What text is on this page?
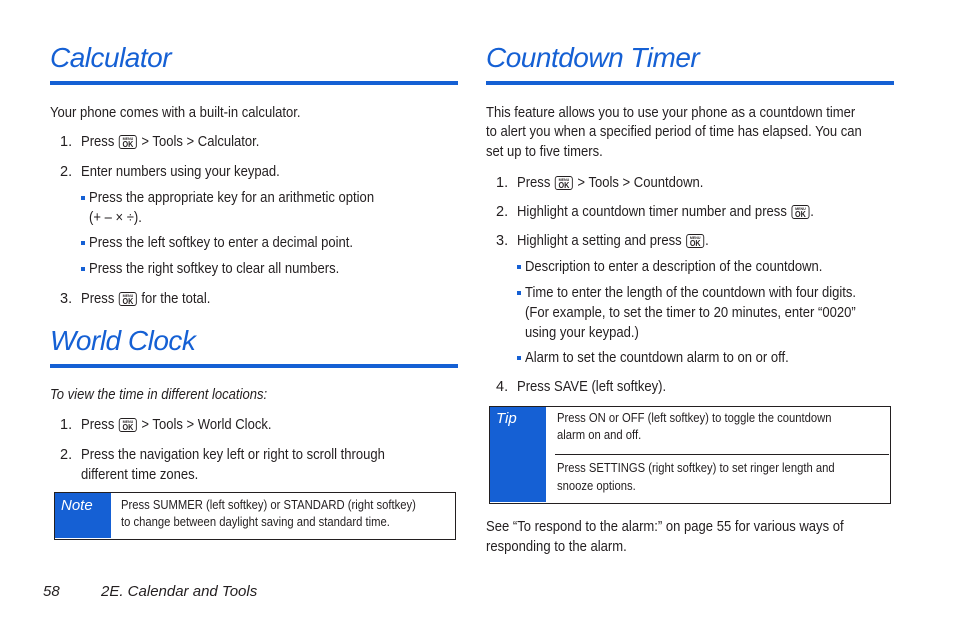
Calculator
Your phone comes with a built-in calculator.
1. Press	MENU
OK > Tools > Calculator.
2. Enter numbers using your keypad.
Press the appropriate key for an arithmetic option
(+ – × ÷).
Press the left softkey to enter a decimal point.
Press the right softkey to clear all numbers.
3. Press	MENU
OK for the total.
World Clock
To view the time in different locations:
1. Press	MENU
OK > Tools > World Clock.
2. Press the navigation key left or right to scroll through
different time zones.
Note Press SUMMER (left softkey) or STANDARD (right softkey)
to change between daylight saving and standard time.
58	2E. Calendar and Tools
Countdown Timer
This feature allows you to use your phone as a countdown timer
to alert you when a specified period of time has elapsed. You can
set up to five timers.
1. Press	MENU
OK > Tools > Countdown.
2. Highlight a countdown timer number and press	MENU
OK .
3. Highlight a setting and press	MENU
OK .
Description to enter a description of the countdown.
Time to enter the length of the countdown with four digits.
(For example, to set the timer to 20 minutes, enter “0020”
using your keypad.)
Alarm to set the countdown alarm to on or off.
4. Press SAVE (left softkey).
Tip	Press ON or OFF (left softkey) to toggle the countdown
alarm on and off.
Press SETTINGS (right softkey) to set ringer length and
snooze options.
See “To respond to the alarm:” on page 55 for various ways of
responding to the alarm.
